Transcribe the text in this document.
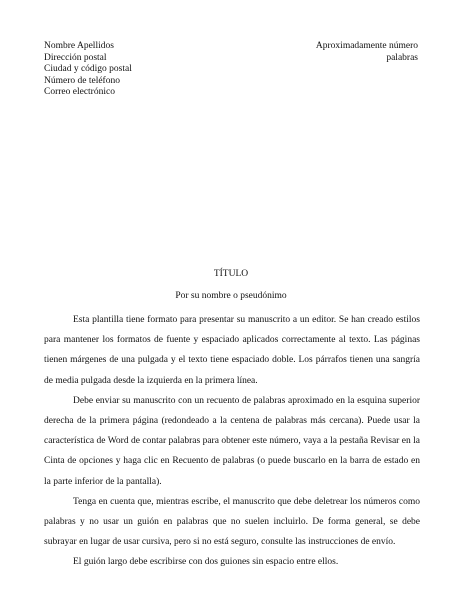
Nombre Apellidos
Dirección postal
Ciudad y código postal
Número de teléfono
Correo electrónico
Aproximadamente número
palabras
TÍTULO
Por su nombre o pseudónimo

Esta plantilla tiene formato para presentar su manuscrito a un editor. Se han creado estilos para mantener los formatos de fuente y espaciado aplicados correctamente al texto. Las páginas tienen márgenes de una pulgada y el texto tiene espaciado doble. Los párrafos tienen una sangría de media pulgada desde la izquierda en la primera línea.

Debe enviar su manuscrito con un recuento de palabras aproximado en la esquina superior derecha de la primera página (redondeado a la centena de palabras más cercana). Puede usar la característica de Word de contar palabras para obtener este número, vaya a la pestaña Revisar en la Cinta de opciones y haga clic en Recuento de palabras (o puede buscarlo en la barra de estado en la parte inferior de la pantalla).

Tenga en cuenta que, mientras escribe, el manuscrito que debe deletrear los números como palabras y no usar un guión en palabras que no suelen incluirlo. De forma general, se debe subrayar en lugar de usar cursiva, pero si no está seguro, consulte las instrucciones de envío.

El guión largo debe escribirse con dos guiones sin espacio entre ellos.
